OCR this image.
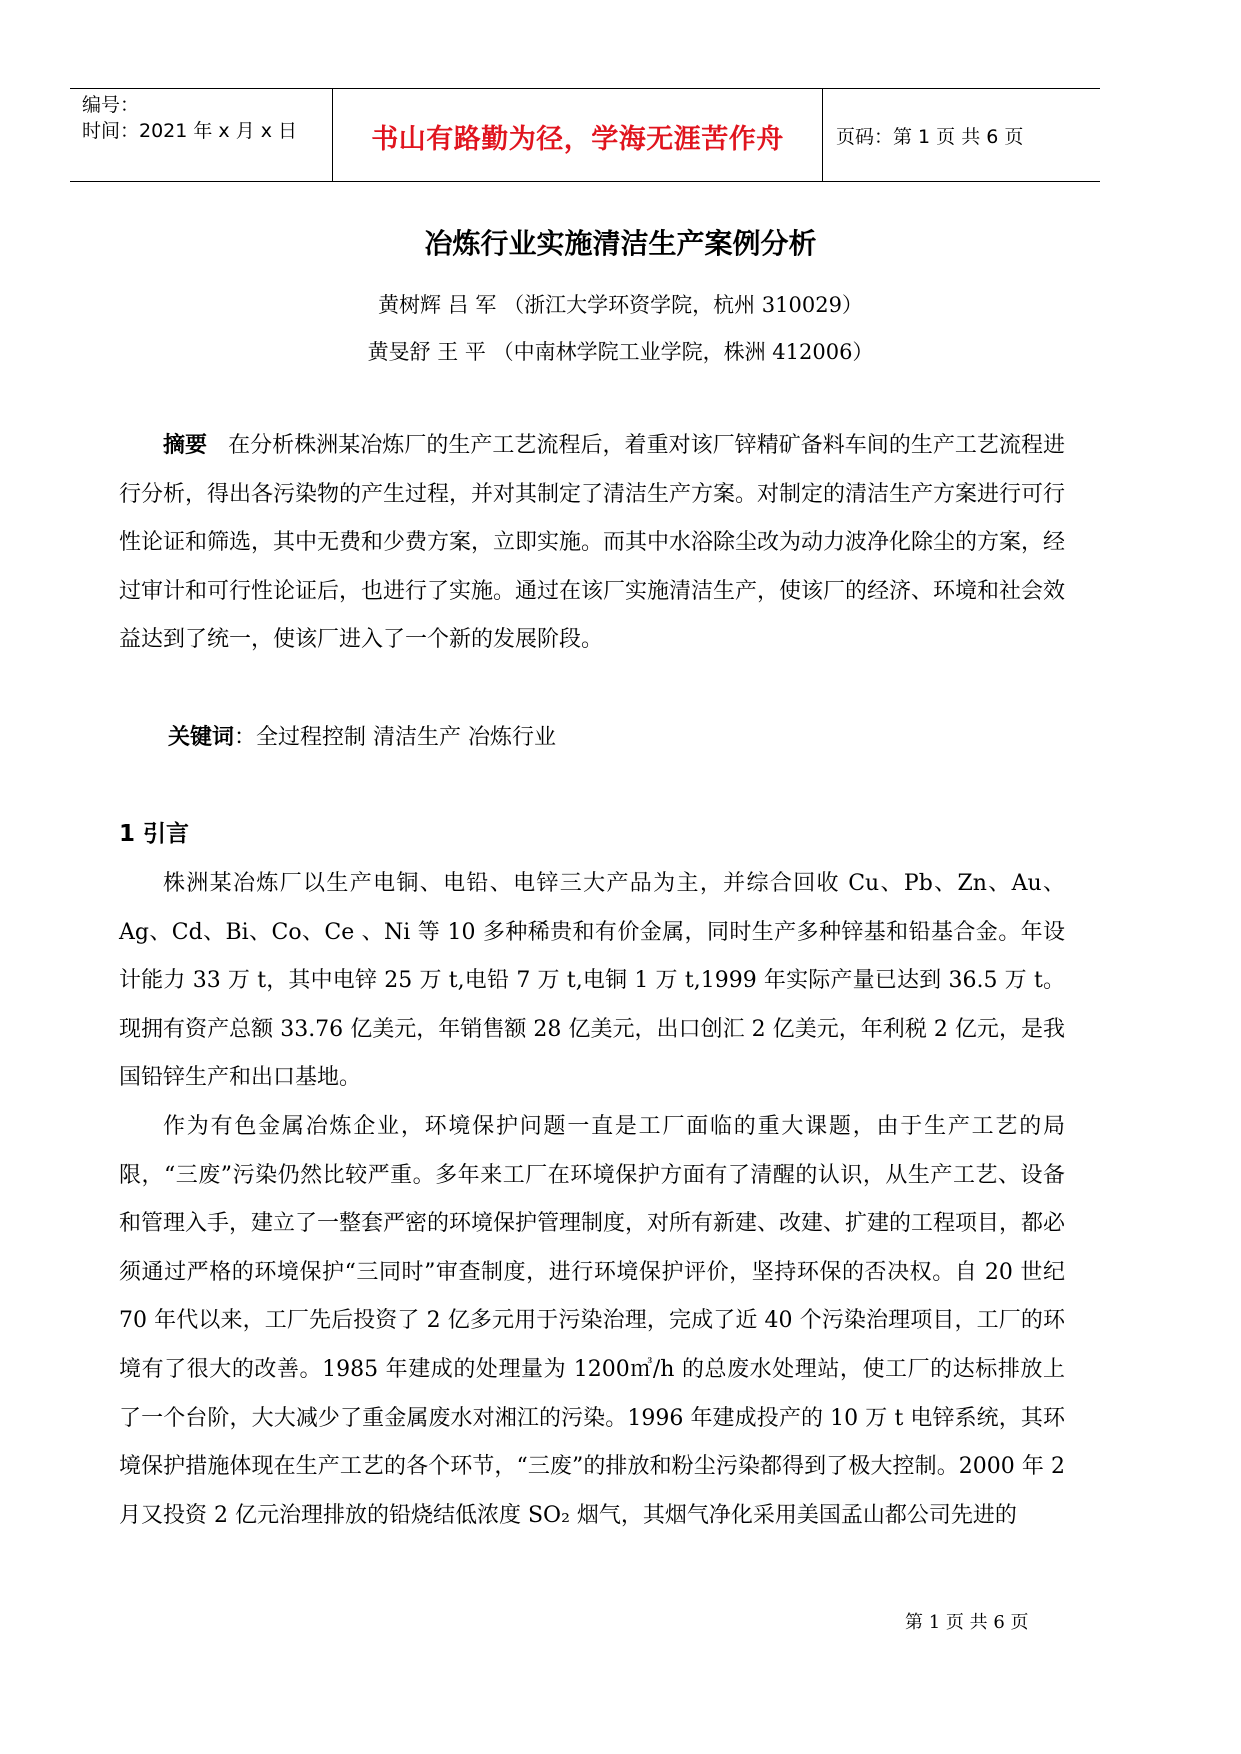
编号：
时间：2021 年 x 月 x 日	书山有路勤为径，学海无涯苦作舟	页码：第 1 页 共 6 页
冶炼行业实施清洁生产案例分析
黄树辉 吕 军 （浙江大学环资学院，杭州 310029）
黄旻舒 王 平 （中南林学院工业学院，株洲 412006）

摘要 在分析株洲某冶炼厂的生产工艺流程后，着重对该厂锌精矿备料车间的生产工艺流程进行分析，得出各污染物的产生过程，并对其制定了清洁生产方案。对制定的清洁生产方案进行可行性论证和筛选，其中无费和少费方案，立即实施。而其中水浴除尘改为动力波净化除尘的方案，经过审计和可行性论证后，也进行了实施。通过在该厂实施清洁生产，使该厂的经济、环境和社会效益达到了统一，使该厂进入了一个新的发展阶段。

关键词：全过程控制 清洁生产 冶炼行业
1 引言

株洲某冶炼厂以生产电铜、电铅、电锌三大产品为主，并综合回收 Cu、Pb、Zn、Au、Ag、Cd、Bi、Co、Ce 、Ni 等 10 多种稀贵和有价金属，同时生产多种锌基和铅基合金。年设计能力 33 万 t，其中电锌 25 万 t,电铅 7 万 t,电铜 1 万 t,1999 年实际产量已达到 36.5 万 t。现拥有资产总额 33.76 亿美元，年销售额 28 亿美元，出口创汇 2 亿美元，年利税 2 亿元，是我国铅锌生产和出口基地。

作为有色金属冶炼企业，环境保护问题一直是工厂面临的重大课题，由于生产工艺的局限，“三废”污染仍然比较严重。多年来工厂在环境保护方面有了清醒的认识，从生产工艺、设备和管理入手，建立了一整套严密的环境保护管理制度，对所有新建、改建、扩建的工程项目，都必须通过严格的环境保护“三同时”审查制度，进行环境保护评价，坚持环保的否决权。自 20 世纪 70 年代以来，工厂先后投资了 2 亿多元用于污染治理，完成了近 40 个污染治理项目，工厂的环境有了很大的改善。1985 年建成的处理量为 1200㎥/h 的总废水处理站，使工厂的达标排放上了一个台阶，大大减少了重金属废水对湘江的污染。1996 年建成投产的 10 万 t 电锌系统，其环境保护措施体现在生产工艺的各个环节，“三废”的排放和粉尘污染都得到了极大控制。2000 年 2 月又投资 2 亿元治理排放的铅烧结低浓度 SO₂ 烟气，其烟气净化采用美国孟山都公司先进的

第 1 页 共 6 页
